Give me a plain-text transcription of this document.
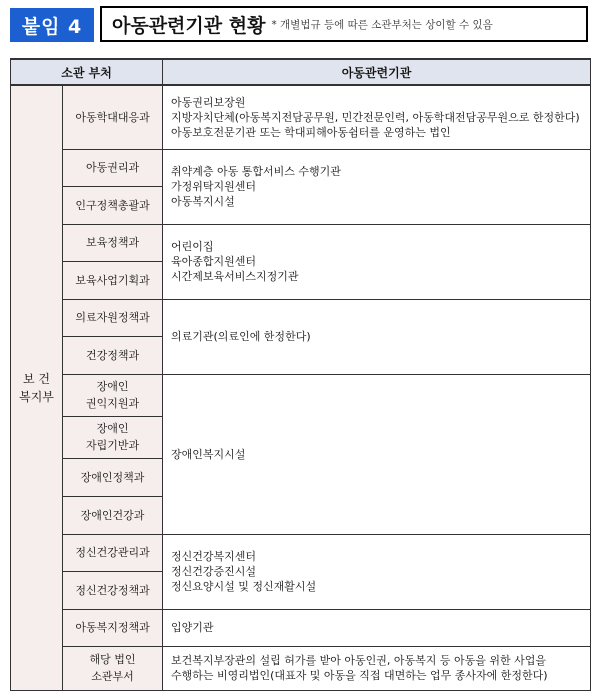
붙임 4	아동관련기관 현황 * 개별법규 등에 따른 소관부처는 상이할 수 있음
소관 부처		아동관련기관
보 건
복지부	아동학대대응과	아동권리보장원
지방자치단체(아동복지전담공무원, 민간전문인력, 아동학대전담공무원으로 한정한다)
아동보호전문기관 또는 학대피해아동쉼터를 운영하는 법인

	아동권리과	취약계층 아동 통합서비스 수행기관
가정위탁지원센터
아동복지시설

	인구정책총괄과	
	보육정책과	어린이집
육아종합지원센터
시간제보육서비스지정기관

	보육사업기획과	
	의료자원정책과	의료기관(의료인에 한정한다)

	건강정책과	
	장애인
권익지원과	장애인복지시설

	장애인
자립기반과	
	장애인정책과	
	장애인건강과	
	정신건강관리과	정신건강복지센터
정신건강증진시설
정신요양시설 및 정신재활시설

	정신건강정책과	
	아동복지정책과	입양기관

	해당 법인
소관부서	보건복지부장관의 설립 허가를 받아 아동인권, 아동복지 등 아동을 위한 사업을
수행하는 비영리법인(대표자 및 아동을 직접 대면하는 업무 종사자에 한정한다)
